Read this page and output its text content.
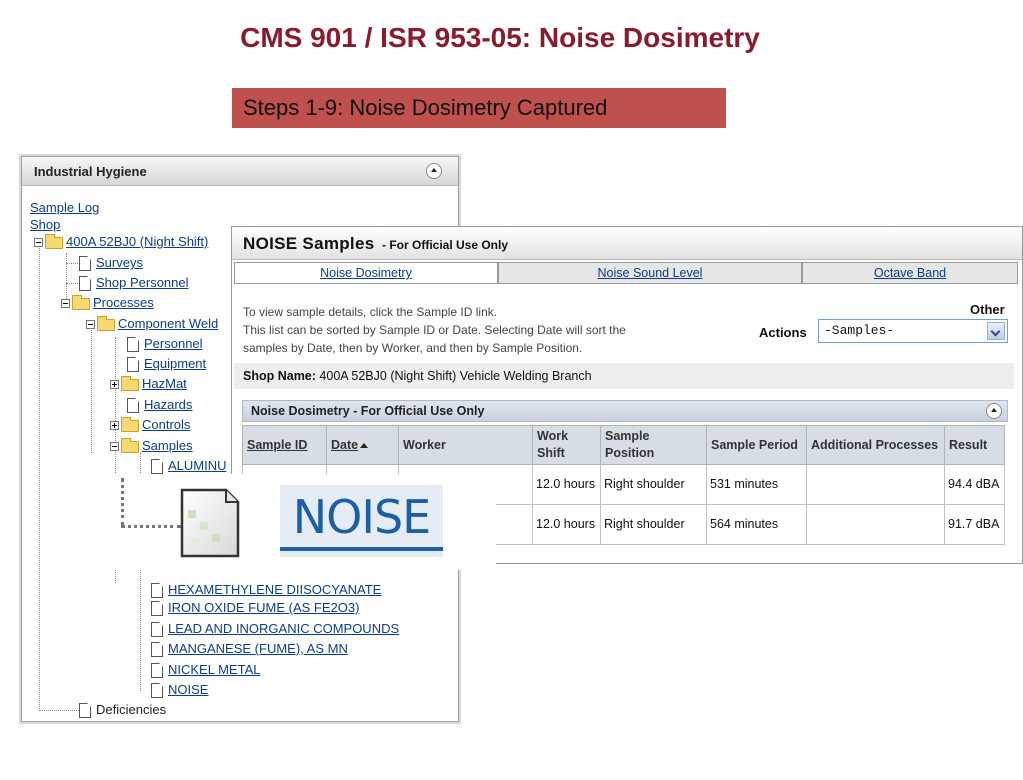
CMS 901 / ISR 953-05: Noise Dosimetry
Steps 1-9: Noise Dosimetry Captured
Industrial Hygiene
Sample Log
Shop
400A 52BJ0 (Night Shift)
Surveys
Shop Personnel
Processes
Component Weld
Personnel
Equipment
HazMat
Hazards
Controls
Samples
ALUMINU
HEXAMETHYLENE DIISOCYANATE
IRON OXIDE FUME (AS FE2O3)
LEAD AND INORGANIC COMPOUNDS
MANGANESE (FUME), AS MN
NICKEL METAL
NOISE
Deficiencies
NOISE Samples - For Official Use Only
Noise Dosimetry	Noise Sound Level	Octave Band
To view sample details, click the Sample ID link.
This list can be sorted by Sample ID or Date. Selecting Date will sort the
samples by Date, then by Worker, and then by Sample Position.
Other
Actions -Samples-
Shop Name: 400A 52BJ0 (Night Shift) Vehicle Welding Branch
Noise Dosimetry - For Official Use Only
Sample ID	Date	Worker	Work Shift	Sample Position	Sample Period	Additional Processes	Result
			12.0 hours	Right shoulder	531 minutes		94.4 dBA
			12.0 hours	Right shoulder	564 minutes		91.7 dBA
NOISE
